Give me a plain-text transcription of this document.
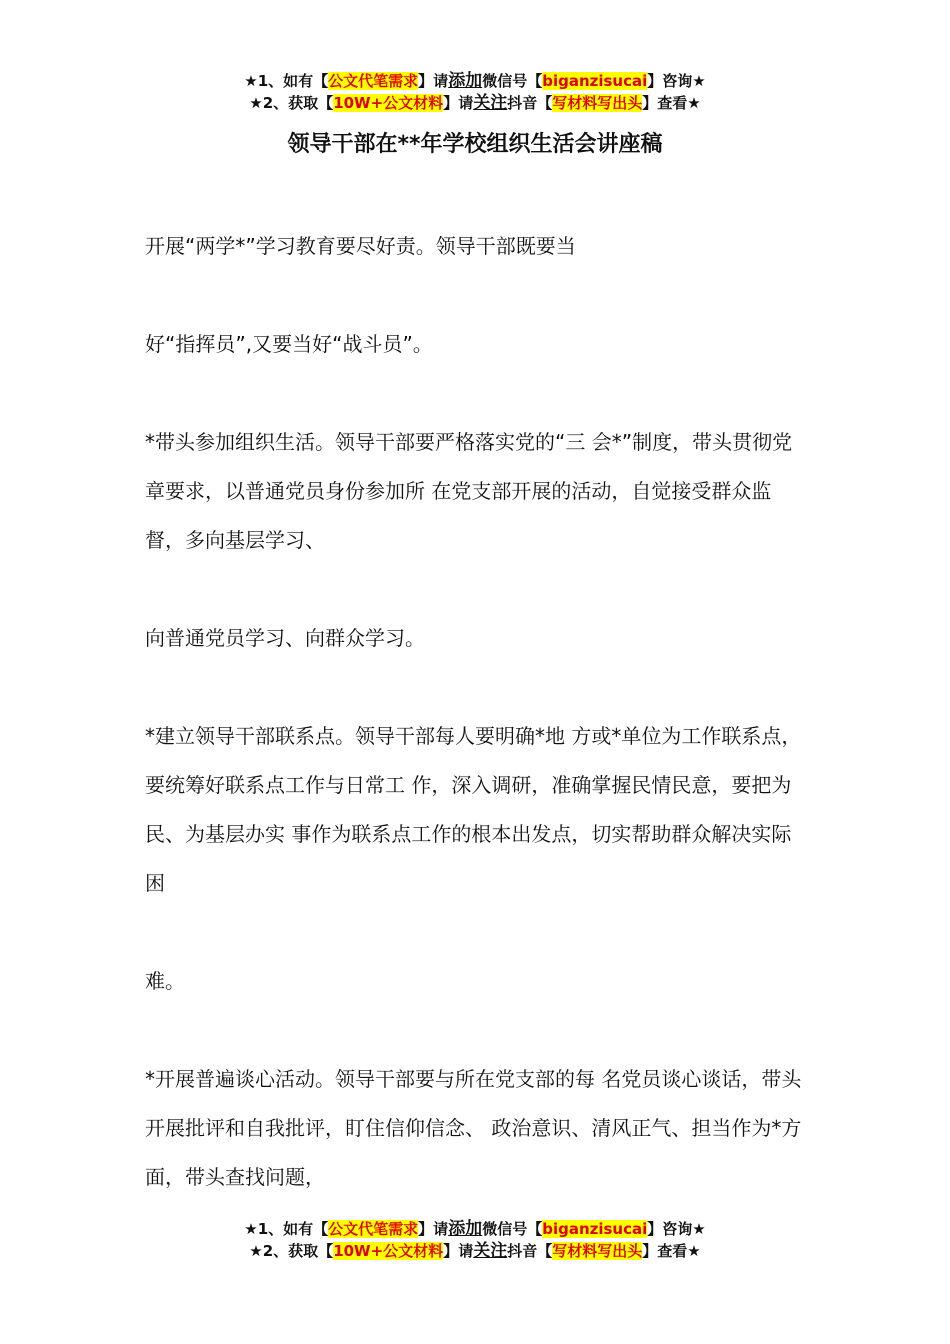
★1、如有【公文代笔需求】请添加微信号【biganzisucai】咨询★
★2、获取【10W+公文材料】请关注抖音【写材料写出头】查看★
领导干部在**年学校组织生活会讲座稿

开展“两学*”学习教育要尽好责。领导干部既要当

好“指挥员”,又要当好“战斗员”。

*带头参加组织生活。领导干部要严格落实党的“三 会*”制度，带头贯彻党章要求，以普通党员身份参加所 在党支部开展的活动，自觉接受群众监督，多向基层学习、

向普通党员学习、向群众学习。

*建立领导干部联系点。领导干部每人要明确*地 方或*单位为工作联系点，要统筹好联系点工作与日常工 作，深入调研，准确掌握民情民意，要把为民、为基层办实 事作为联系点工作的根本出发点，切实帮助群众解决实际困

难。

*开展普遍谈心活动。领导干部要与所在党支部的每 名党员谈心谈话，带头开展批评和自我批评，盯住信仰信念、 政治意识、清风正气、担当作为*方面，带头查找问题，

★1、如有【公文代笔需求】请添加微信号【biganzisucai】咨询★
★2、获取【10W+公文材料】请关注抖音【写材料写出头】查看★
